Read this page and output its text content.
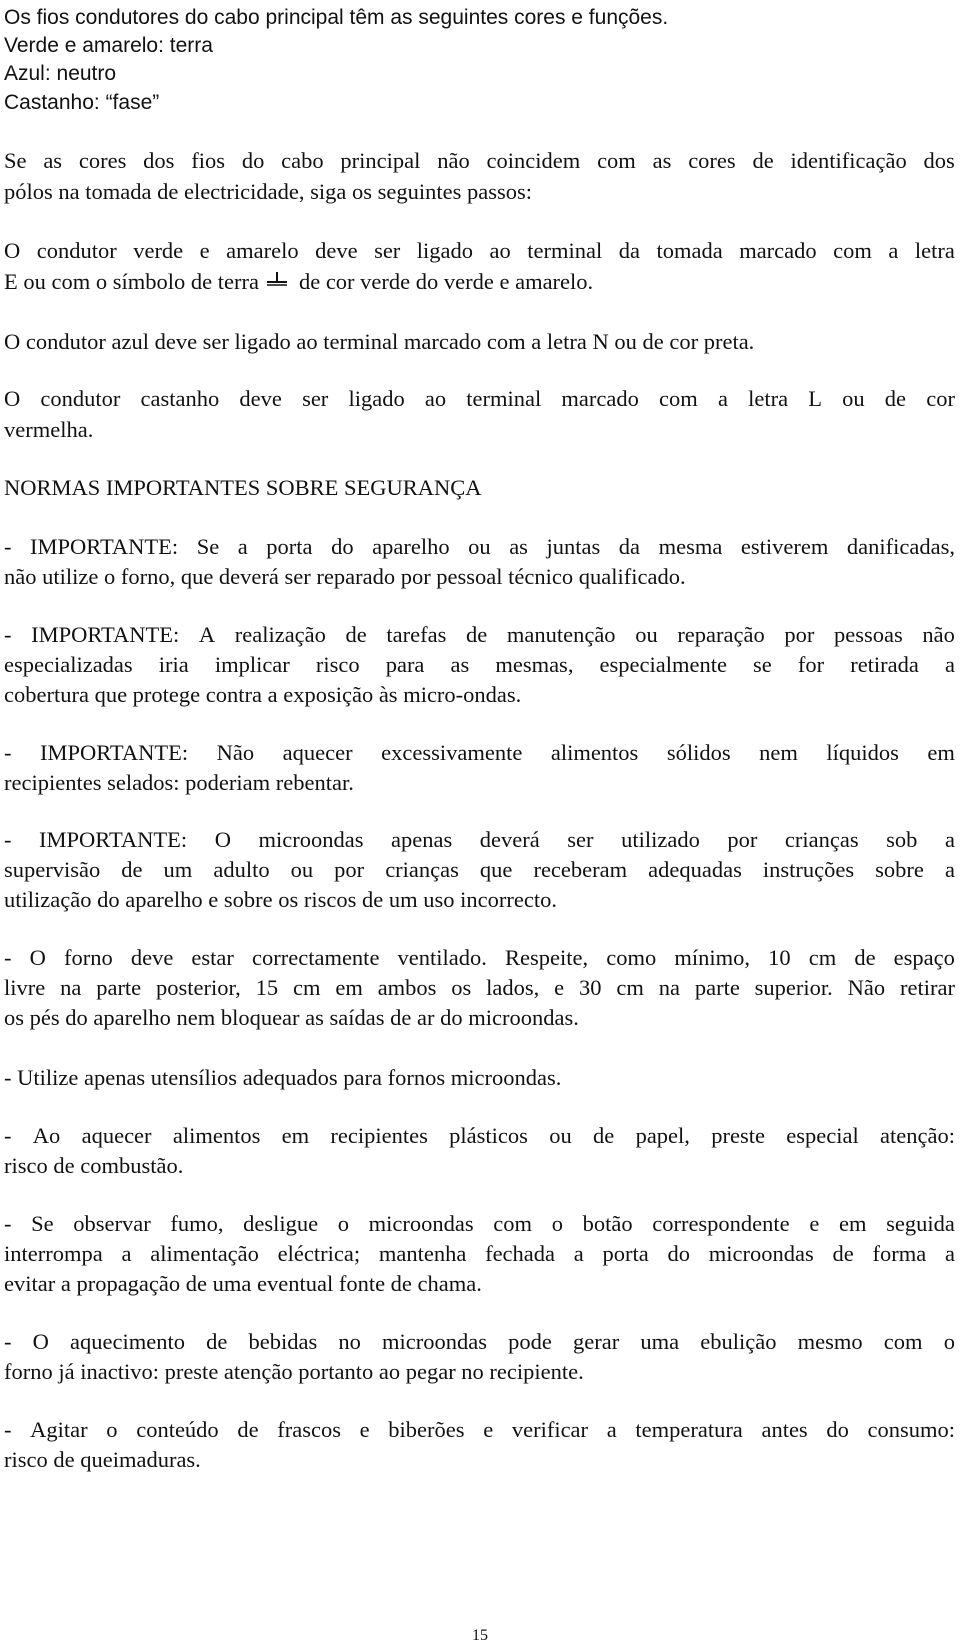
Os fios condutores do cabo principal têm as seguintes cores e funções.
Verde e amarelo: terra
Azul: neutro
Castanho: “fase”
Se as cores dos fios do cabo principal não coincidem com as cores de identificação dos
pólos na tomada de electricidade, siga os seguintes passos:
O condutor verde e amarelo deve ser ligado ao terminal da tomada marcado com a letra
E ou com o símbolo de terra de cor verde do verde e amarelo.
O condutor azul deve ser ligado ao terminal marcado com a letra N ou de cor preta.
O condutor castanho deve ser ligado ao terminal marcado com a letra L ou de cor
vermelha.
NORMAS IMPORTANTES SOBRE SEGURANÇA
- IMPORTANTE: Se a porta do aparelho ou as juntas da mesma estiverem danificadas,
não utilize o forno, que deverá ser reparado por pessoal técnico qualificado.
- IMPORTANTE: A realização de tarefas de manutenção ou reparação por pessoas não
especializadas iria implicar risco para as mesmas, especialmente se for retirada a
cobertura que protege contra a exposição às micro-ondas.
- IMPORTANTE: Não aquecer excessivamente alimentos sólidos nem líquidos em
recipientes selados: poderiam rebentar.
- IMPORTANTE: O microondas apenas deverá ser utilizado por crianças sob a
supervisão de um adulto ou por crianças que receberam adequadas instruções sobre a
utilização do aparelho e sobre os riscos de um uso incorrecto.
- O forno deve estar correctamente ventilado. Respeite, como mínimo, 10 cm de espaço
livre na parte posterior, 15 cm em ambos os lados, e 30 cm na parte superior. Não retirar
os pés do aparelho nem bloquear as saídas de ar do microondas.
- Utilize apenas utensílios adequados para fornos microondas.
- Ao aquecer alimentos em recipientes plásticos ou de papel, preste especial atenção:
risco de combustão.
- Se observar fumo, desligue o microondas com o botão correspondente e em seguida
interrompa a alimentação eléctrica; mantenha fechada a porta do microondas de forma a
evitar a propagação de uma eventual fonte de chama.
- O aquecimento de bebidas no microondas pode gerar uma ebulição mesmo com o
forno já inactivo: preste atenção portanto ao pegar no recipiente.
- Agitar o conteúdo de frascos e biberões e verificar a temperatura antes do consumo:
risco de queimaduras.
15
